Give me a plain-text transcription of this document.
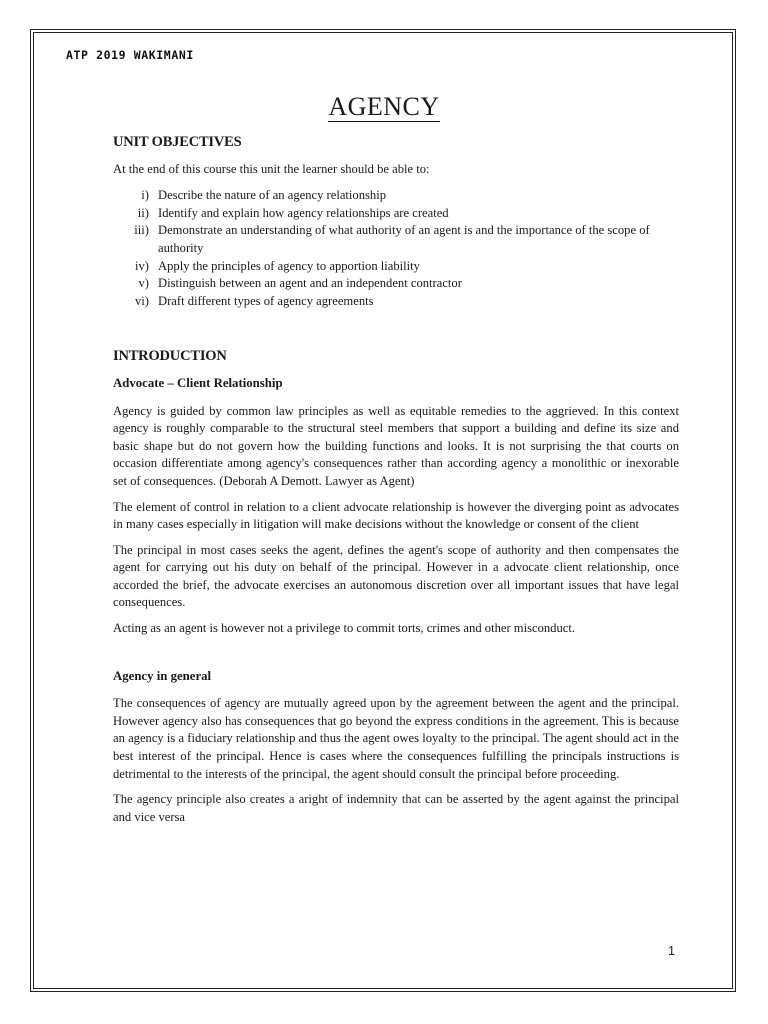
ATP 2019 WAKIMANI
AGENCY
UNIT OBJECTIVES

At the end of this course this unit the learner should be able to:

i) Describe the nature of an agency relationship
ii) Identify and explain how agency relationships are created
iii) Demonstrate an understanding of what authority of an agent is and the importance of the scope of authority
iv) Apply the principles of agency to apportion liability
v) Distinguish between an agent and an independent contractor
vi) Draft different types of agency agreements
INTRODUCTION
Advocate – Client Relationship

Agency is guided by common law principles as well as equitable remedies to the aggrieved. In this context agency is roughly comparable to the structural steel members that support a building and define its size and basic shape but do not govern how the building functions and looks. It is not surprising the that courts on occasion differentiate among agency's consequences rather than according agency a monolithic or inexorable set of consequences. (Deborah A Demott. Lawyer as Agent)

The element of control in relation to a client advocate relationship is however the diverging point as advocates in many cases especially in litigation will make decisions without the knowledge or consent of the client

The principal in most cases seeks the agent, defines the agent's scope of authority and then compensates the agent for carrying out his duty on behalf of the principal. However in a advocate client relationship, once accorded the brief, the advocate exercises an autonomous discretion over all important issues that have legal consequences.

Acting as an agent is however not a privilege to commit torts, crimes and other misconduct.

Agency in general

The consequences of agency are mutually agreed upon by the agreement between the agent and the principal. However agency also has consequences that go beyond the express conditions in the agreement. This is because an agency is a fiduciary relationship and thus the agent owes loyalty to the principal. The agent should act in the best interest of the principal. Hence is cases where the consequences fulfilling the principals instructions is detrimental to the interests of the principal, the agent should consult the principal before proceeding.

The agency principle also creates a aright of indemnity that can be asserted by the agent against the principal and vice versa

1
